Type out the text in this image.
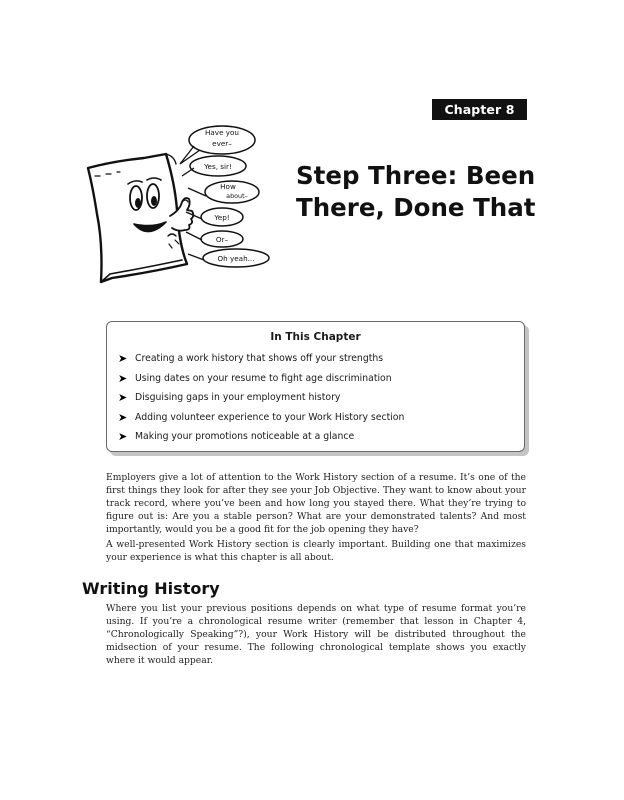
Chapter 8
Step Three: Been There, Done That
Have you
ever–
Yes, sir!
How
about–
Yep!
Or–
Oh yeah...
In This Chapter
➤ Creating a work history that shows off your strengths
➤ Using dates on your resume to fight age discrimination
➤ Disguising gaps in your employment history
➤ Adding volunteer experience to your Work History section
➤ Making your promotions noticeable at a glance

Employers give a lot of attention to the Work History section of a resume. It’s one of the first things they look for after they see your Job Objective. They want to know about your track record, where you’ve been and how long you stayed there. What they’re trying to figure out is: Are you a stable person? What are your demonstrated talents? And most importantly, would you be a good fit for the job opening they have?

A well-presented Work History section is clearly important. Building one that maximizes your experience is what this chapter is all about.

Writing History

Where you list your previous positions depends on what type of resume format you’re using. If you’re a chronological resume writer (remember that lesson in Chapter 4, “Chronologically Speaking”?), your Work History will be distributed throughout the midsection of your resume. The following chronological template shows you exactly where it would appear.
